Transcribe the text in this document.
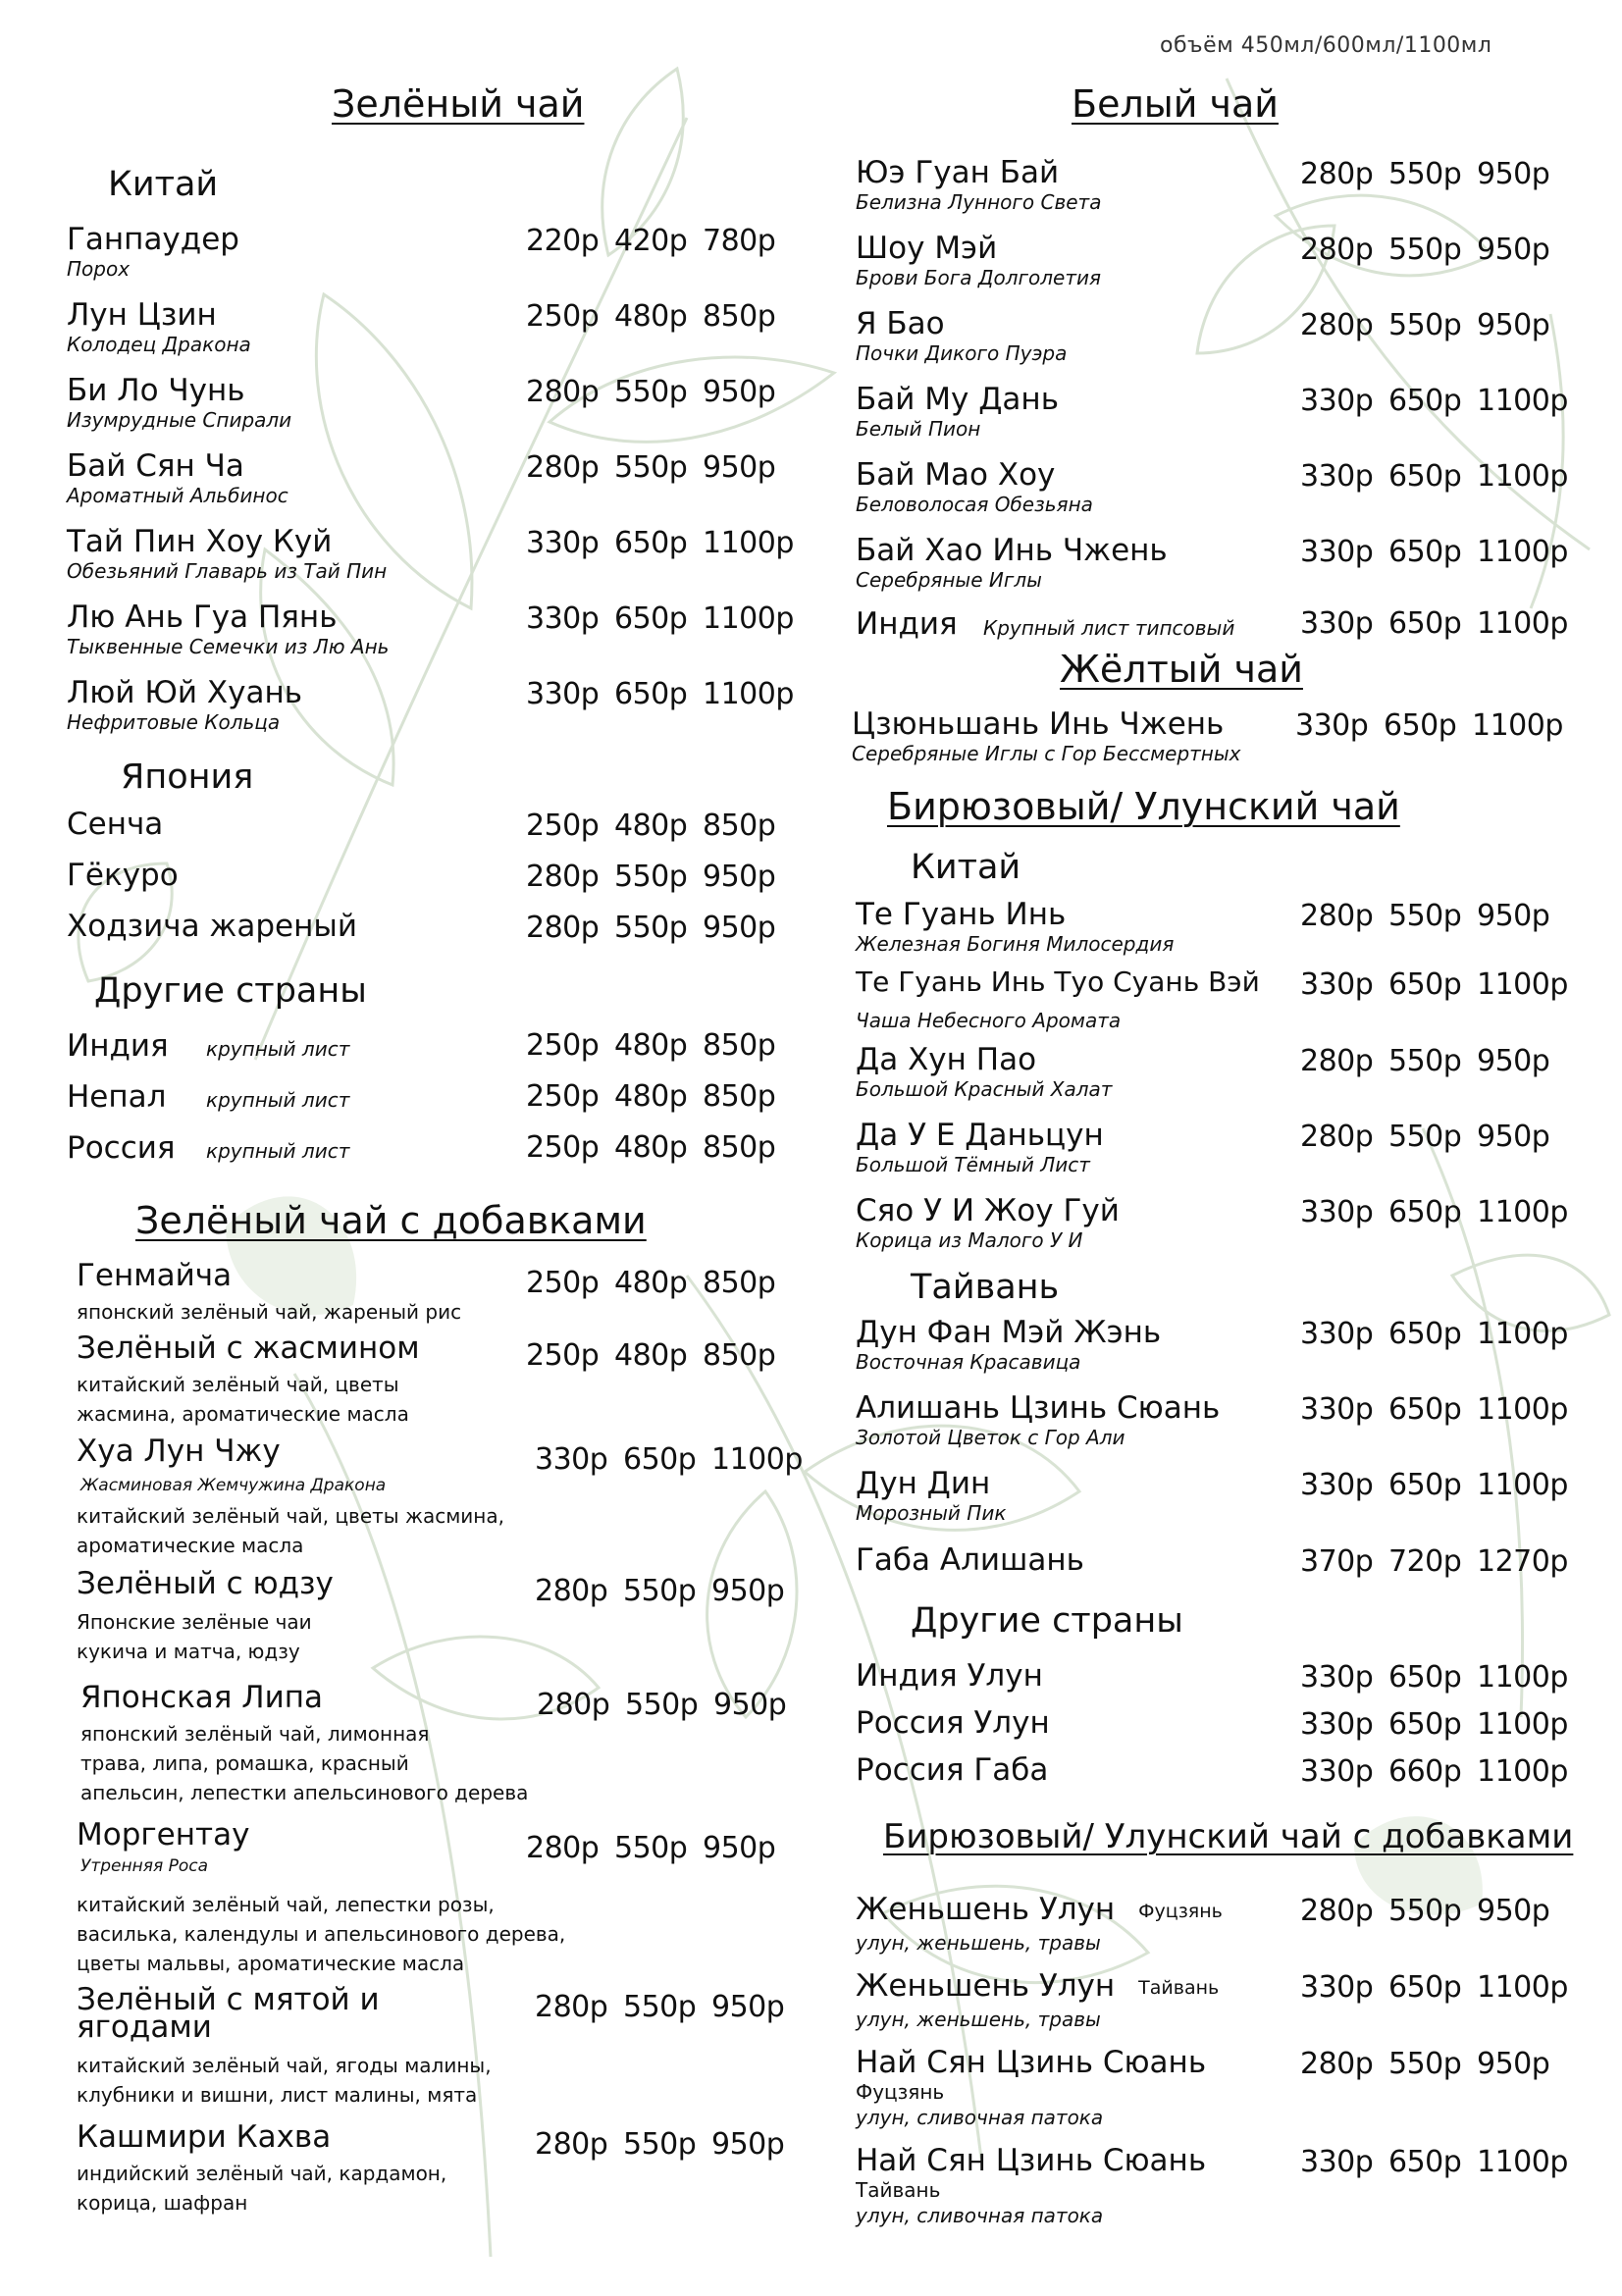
объём 450мл/600мл/1100мл
Зелёный чай
Китай
Ганпаудер
Порох
220р 420р 780р
Лун Цзин
Колодец Дракона
250р 480р 850р
Би Ло Чунь
Изумрудные Спирали
280р 550р 950р
Бай Сян Ча
Ароматный Альбинос
280р 550р 950р
Тай Пин Хоу Куй
Обезьяний Главарь из Тай Пин
330р 650р 1100р
Лю Ань Гуа Пянь
Тыквенные Семечки из Лю Ань
330р 650р 1100р
Люй Юй Хуань
Нефритовые Кольца
330р 650р 1100р
Япония
Сенча	250р 480р 850р
Гёкуро	280р 550р 950р
Ходзича жареный	280р 550р 950р
Другие страны
Индия крупный лист	250р 480р 850р
Непал крупный лист	250р 480р 850р
Россия крупный лист	250р 480р 850р
Зелёный чай с добавками
Генмайча
японский зелёный чай, жареный рис
250р 480р 850р
Зелёный с жасмином
китайский зелёный чай, цветы
жасмина, ароматические масла
250р 480р 850р
Хуа Лун Чжу
Жасминовая Жемчужина Дракона
китайский зелёный чай, цветы жасмина,
ароматические масла
330р 650р 1100р
Зелёный с юдзу
Японские зелёные чаи
кукича и матча, юдзу
280р 550р 950р
Японская Липа
японский зелёный чай, лимонная
трава, липа, ромашка, красный
апельсин, лепестки апельсинового дерева
280р 550р 950р
Моргентау
Утренняя Роса
китайский зелёный чай, лепестки розы,
василька, календулы и апельсинового дерева,
цветы мальвы, ароматические масла
280р 550р 950р
Зелёный с мятой и
ягодами
китайский зелёный чай, ягоды малины,
клубники и вишни, лист малины, мята
280р 550р 950р
Кашмири Кахва
индийский зелёный чай, кардамон,
корица, шафран
280р 550р 950р
Белый чай
Юэ Гуан Бай
Белизна Лунного Света
280р 550р 950р
Шоу Мэй
Брови Бога Долголетия
280р 550р 950р
Я Бао
Почки Дикого Пуэра
280р 550р 950р
Бай Му Дань
Белый Пион
330р 650р 1100р
Бай Мао Хоу
Беловолосая Обезьяна
330р 650р 1100р
Бай Хао Инь Чжень
Серебряные Иглы
330р 650р 1100р
Индия Крупный лист типсовый 330р 650р 1100р
Жёлтый чай
Цзюньшань Инь Чжень
Серебряные Иглы с Гор Бессмертных
330р 650р 1100р
Бирюзовый/ Улунский чай
Китай
Те Гуань Инь
Железная Богиня Милосердия
280р 550р 950р
Те Гуань Инь Туо Суань Вэй
Чаша Небесного Аромата
330р 650р 1100р
Да Хун Пао
Большой Красный Халат
280р 550р 950р
Да У Е Даньцун
Большой Тёмный Лист
280р 550р 950р
Сяо У И Жоу Гуй
Корица из Малого У И
330р 650р 1100р
Тайвань
Дун Фан Мэй Жэнь
Восточная Красавица
330р 650р 1100р
Алишань Цзинь Сюань
Золотой Цветок с Гор Али
330р 650р 1100р
Дун Дин
Морозный Пик
330р 650р 1100р
Габа Алишань	370р 720р 1270р
Другие страны
Индия Улун	330р 650р 1100р
Россия Улун	330р 650р 1100р
Россия Габа	330р 660р 1100р
Бирюзовый/ Улунский чай с добавками
Женьшень Улун Фуцзянь
улун, женьшень, травы
280р 550р 950р
Женьшень Улун Тайвань
улун, женьшень, травы
330р 650р 1100р
Най Сян Цзинь Сюань
Фуцзянь
улун, сливочная патока
280р 550р 950р
Най Сян Цзинь Сюань
Тайвань
улун, сливочная патока
330р 650р 1100р
